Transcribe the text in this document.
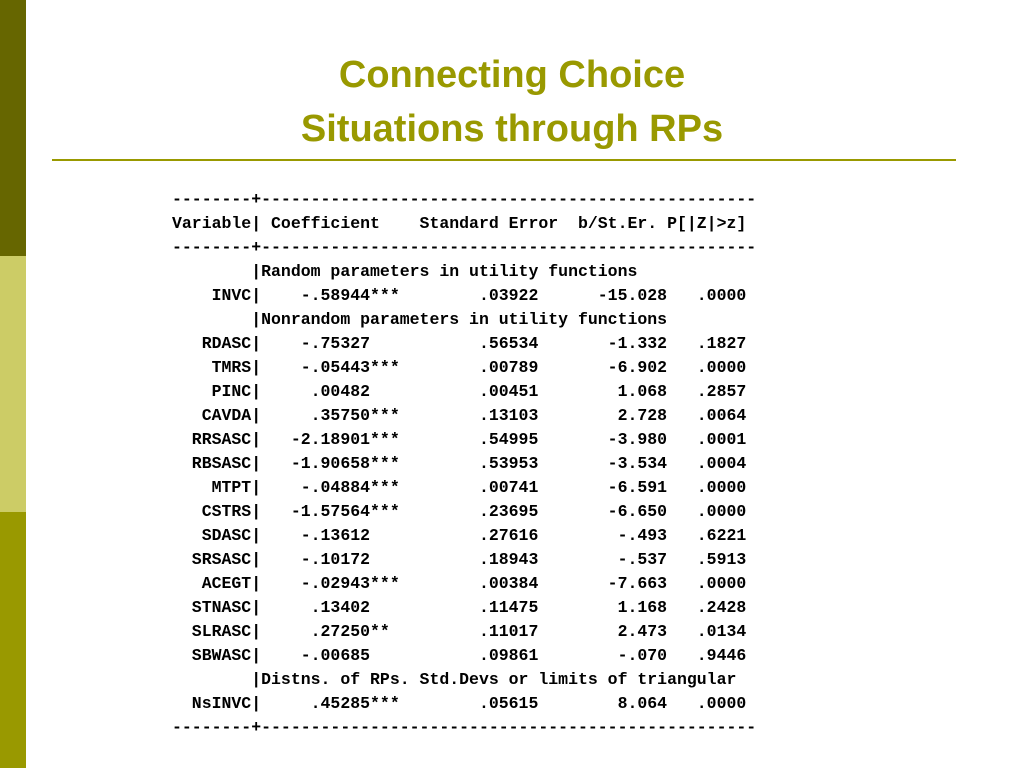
Connecting Choice
Situations through RPs
--------+--------------------------------------------------
Variable| Coefficient    Standard Error  b/St.Er. P[|Z|>z]
--------+--------------------------------------------------
|Random parameters in utility functions
INVC|    -.58944***        .03922      -15.028   .0000
|Nonrandom parameters in utility functions
RDASC|    -.75327           .56534       -1.332   .1827
TMRS|    -.05443***        .00789       -6.902   .0000
PINC|     .00482           .00451        1.068   .2857
CAVDA|     .35750***        .13103        2.728   .0064
RRSASC|   -2.18901***        .54995       -3.980   .0001
RBSASC|   -1.90658***        .53953       -3.534   .0004
MTPT|    -.04884***        .00741       -6.591   .0000
CSTRS|   -1.57564***        .23695       -6.650   .0000
SDASC|    -.13612           .27616        -.493   .6221
SRSASC|    -.10172           .18943        -.537   .5913
ACEGT|    -.02943***        .00384       -7.663   .0000
STNASC|     .13402           .11475        1.168   .2428
SLRASC|     .27250**         .11017        2.473   .0134
SBWASC|    -.00685           .09861        -.070   .9446
|Distns. of RPs. Std.Devs or limits of triangular
NsINVC|     .45285***        .05615        8.064   .0000
--------+--------------------------------------------------
